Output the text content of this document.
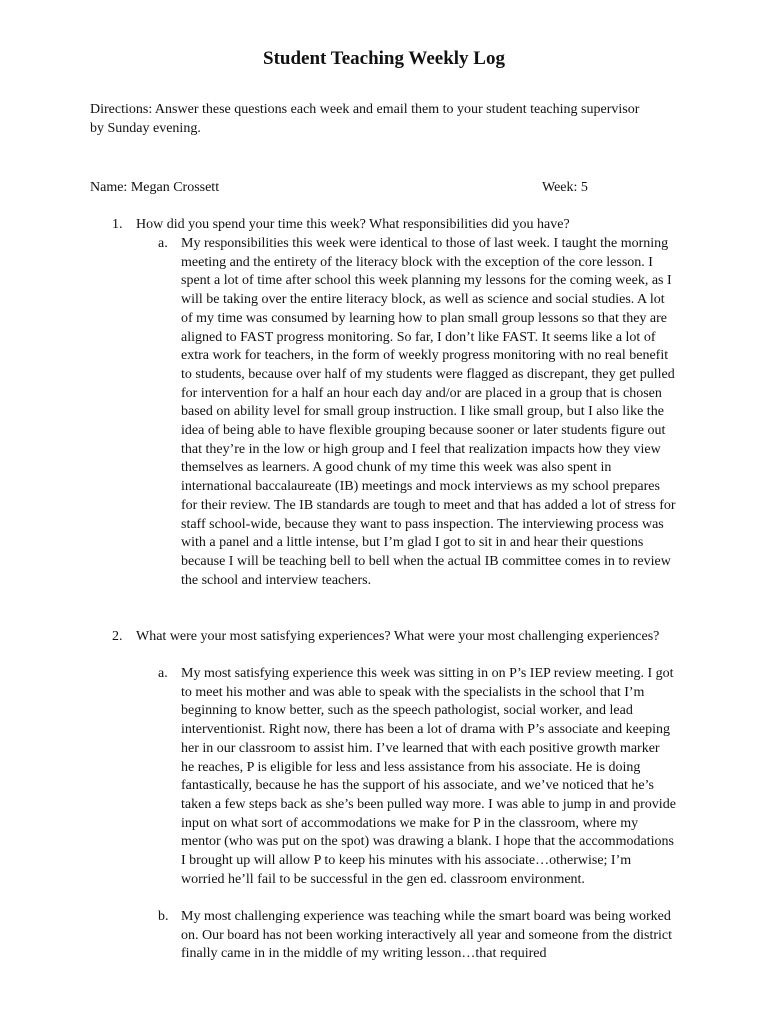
Student Teaching Weekly Log

Directions: Answer these questions each week and email them to your student teaching supervisor by Sunday evening.

Name: Megan Crossett	Week: 5
1. How did you spend your time this week? What responsibilities did you have?
a. My responsibilities this week were identical to those of last week. I taught the morning meeting and the entirety of the literacy block with the exception of the core lesson. I spent a lot of time after school this week planning my lessons for the coming week, as I will be taking over the entire literacy block, as well as science and social studies. A lot of my time was consumed by learning how to plan small group lessons so that they are aligned to FAST progress monitoring. So far, I don’t like FAST. It seems like a lot of extra work for teachers, in the form of weekly progress monitoring with no real benefit to students, because over half of my students were flagged as discrepant, they get pulled for intervention for a half an hour each day and/or are placed in a group that is chosen based on ability level for small group instruction. I like small group, but I also like the idea of being able to have flexible grouping because sooner or later students figure out that they’re in the low or high group and I feel that realization impacts how they view themselves as learners. A good chunk of my time this week was also spent in international baccalaureate (IB) meetings and mock interviews as my school prepares for their review. The IB standards are tough to meet and that has added a lot of stress for staff school-wide, because they want to pass inspection. The interviewing process was with a panel and a little intense, but I’m glad I got to sit in and hear their questions because I will be teaching bell to bell when the actual IB committee comes in to review the school and interview teachers.
2. What were your most satisfying experiences? What were your most challenging experiences?
a. My most satisfying experience this week was sitting in on P’s IEP review meeting. I got to meet his mother and was able to speak with the specialists in the school that I’m beginning to know better, such as the speech pathologist, social worker, and lead interventionist. Right now, there has been a lot of drama with P’s associate and keeping her in our classroom to assist him. I’ve learned that with each positive growth marker he reaches, P is eligible for less and less assistance from his associate. He is doing fantastically, because he has the support of his associate, and we’ve noticed that he’s taken a few steps back as she’s been pulled way more. I was able to jump in and provide input on what sort of accommodations we make for P in the classroom, where my mentor (who was put on the spot) was drawing a blank. I hope that the accommodations I brought up will allow P to keep his minutes with his associate…otherwise; I’m worried he’ll fail to be successful in the gen ed. classroom environment.
b. My most challenging experience was teaching while the smart board was being worked on. Our board has not been working interactively all year and someone from the district finally came in in the middle of my writing lesson…that required
